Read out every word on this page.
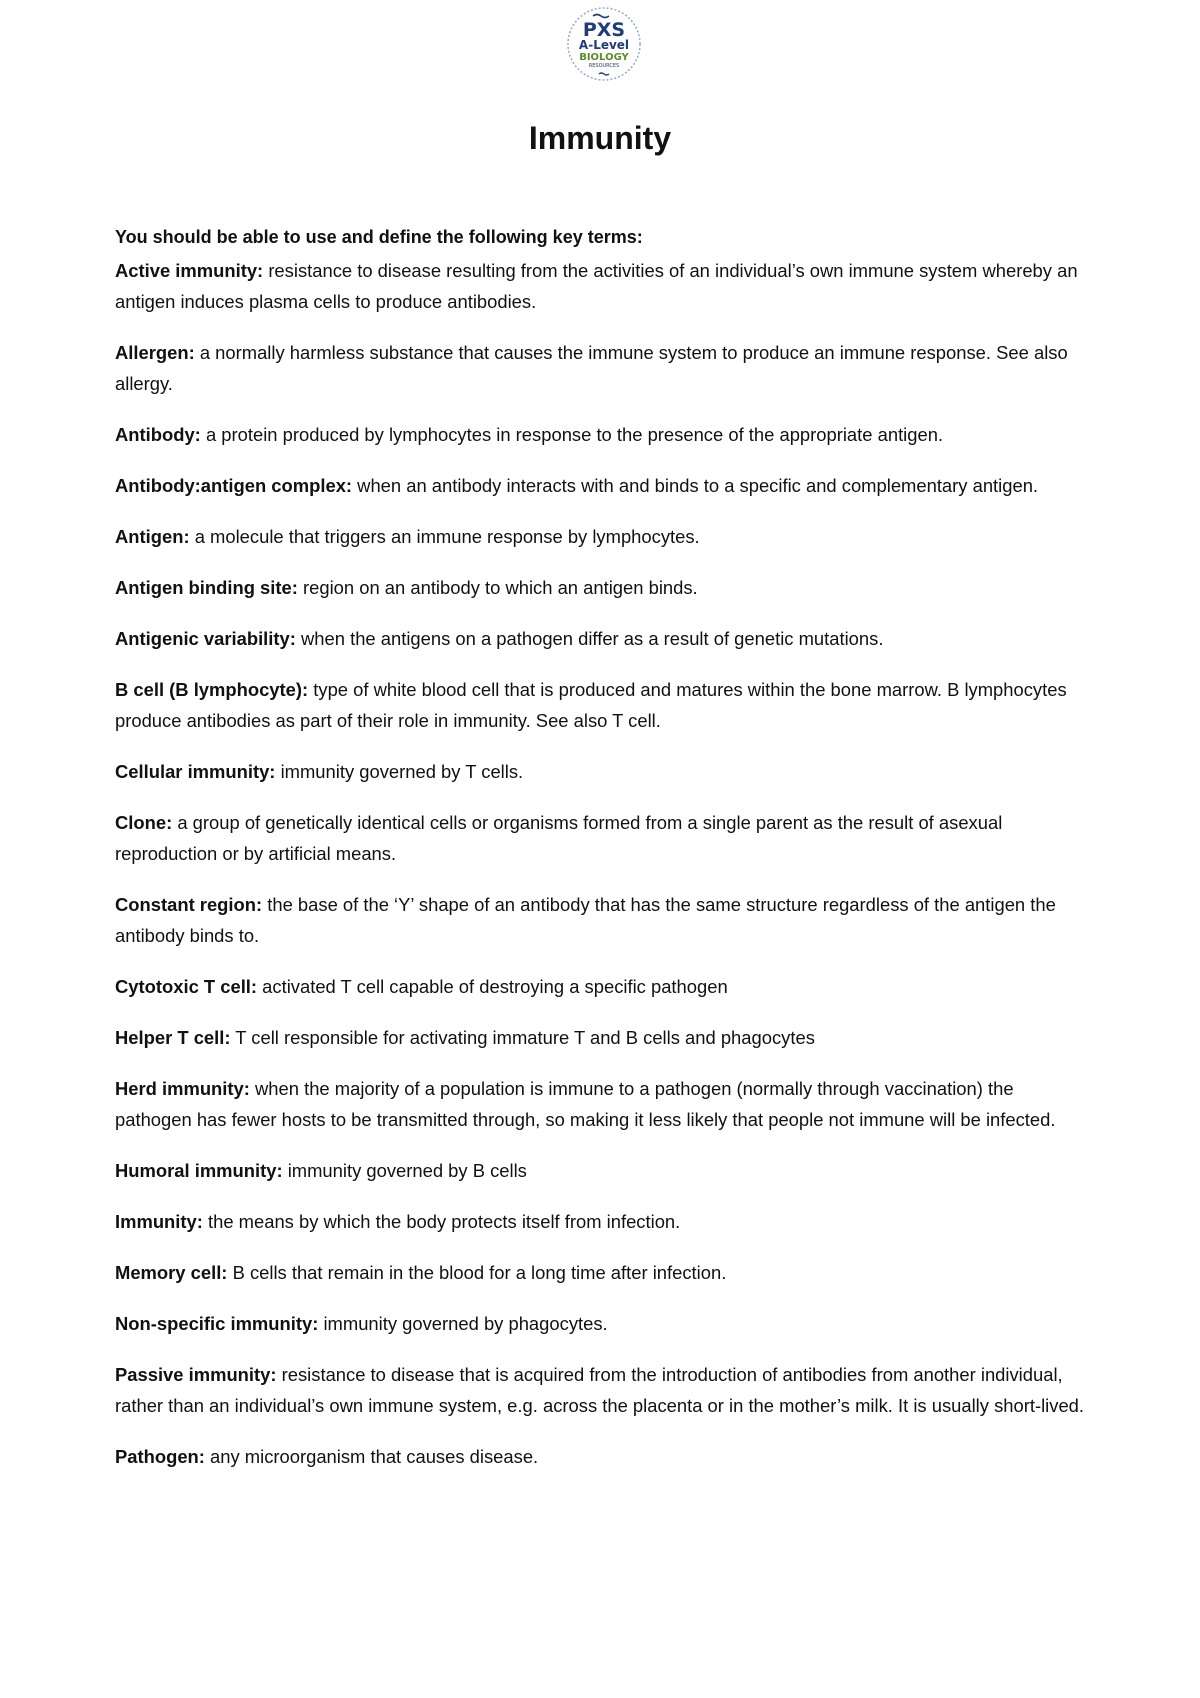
PXS
A-Level
BIOLOGY
RESOURCES
Immunity

You should be able to use and define the following key terms:

Active immunity: resistance to disease resulting from the activities of an individual’s own immune system whereby an antigen induces plasma cells to produce antibodies.
Allergen: a normally harmless substance that causes the immune system to produce an immune response. See also allergy.
Antibody: a protein produced by lymphocytes in response to the presence of the appropriate antigen.
Antibody:antigen complex: when an antibody interacts with and binds to a specific and complementary antigen.
Antigen: a molecule that triggers an immune response by lymphocytes.
Antigen binding site: region on an antibody to which an antigen binds.
Antigenic variability: when the antigens on a pathogen differ as a result of genetic mutations.
B cell (B lymphocyte): type of white blood cell that is produced and matures within the bone marrow. B lymphocytes produce antibodies as part of their role in immunity. See also T cell.
Cellular immunity: immunity governed by T cells.
Clone: a group of genetically identical cells or organisms formed from a single parent as the result of asexual reproduction or by artificial means.
Constant region: the base of the ‘Y’ shape of an antibody that has the same structure regardless of the antigen the antibody binds to.
Cytotoxic T cell: activated T cell capable of destroying a specific pathogen
Helper T cell: T cell responsible for activating immature T and B cells and phagocytes
Herd immunity: when the majority of a population is immune to a pathogen (normally through vaccination) the pathogen has fewer hosts to be transmitted through, so making it less likely that people not immune will be infected.
Humoral immunity: immunity governed by B cells
Immunity: the means by which the body protects itself from infection.
Memory cell: B cells that remain in the blood for a long time after infection.
Non-specific immunity: immunity governed by phagocytes.
Passive immunity: resistance to disease that is acquired from the introduction of antibodies from another individual, rather than an individual’s own immune system, e.g. across the placenta or in the mother’s milk. It is usually short-lived.
Pathogen: any microorganism that causes disease.
